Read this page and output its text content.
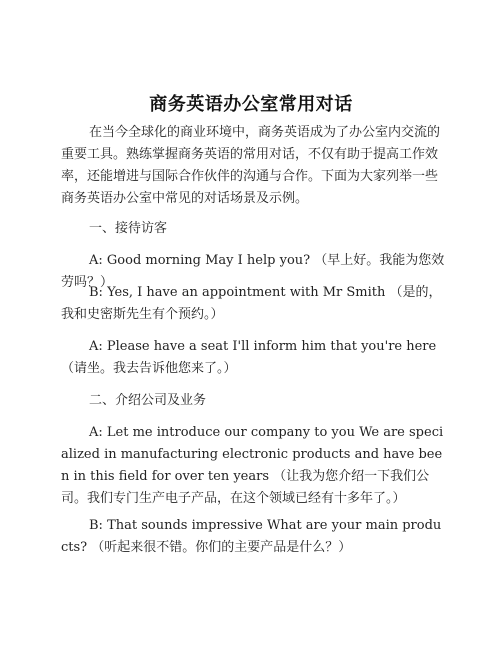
商务英语办公室常用对话

在当今全球化的商业环境中，商务英语成为了办公室内交流的重要工具。熟练掌握商务英语的常用对话，不仅有助于提高工作效率，还能增进与国际合作伙伴的沟通与合作。下面为大家列举一些商务英语办公室中常见的对话场景及示例。

一、接待访客

A: Good morning May I help you? （早上好。我能为您效劳吗？）

B: Yes, I have an appointment with Mr Smith （是的，我和史密斯先生有个预约。）

A: Please have a seat I'll inform him that you're here （请坐。我去告诉他您来了。）

二、介绍公司及业务

A: Let me introduce our company to you We are specialized in manufacturing electronic products and have been in this field for over ten years （让我为您介绍一下我们公司。我们专门生产电子产品，在这个领域已经有十多年了。）

B: That sounds impressive What are your main products? （听起来很不错。你们的主要产品是什么？）
